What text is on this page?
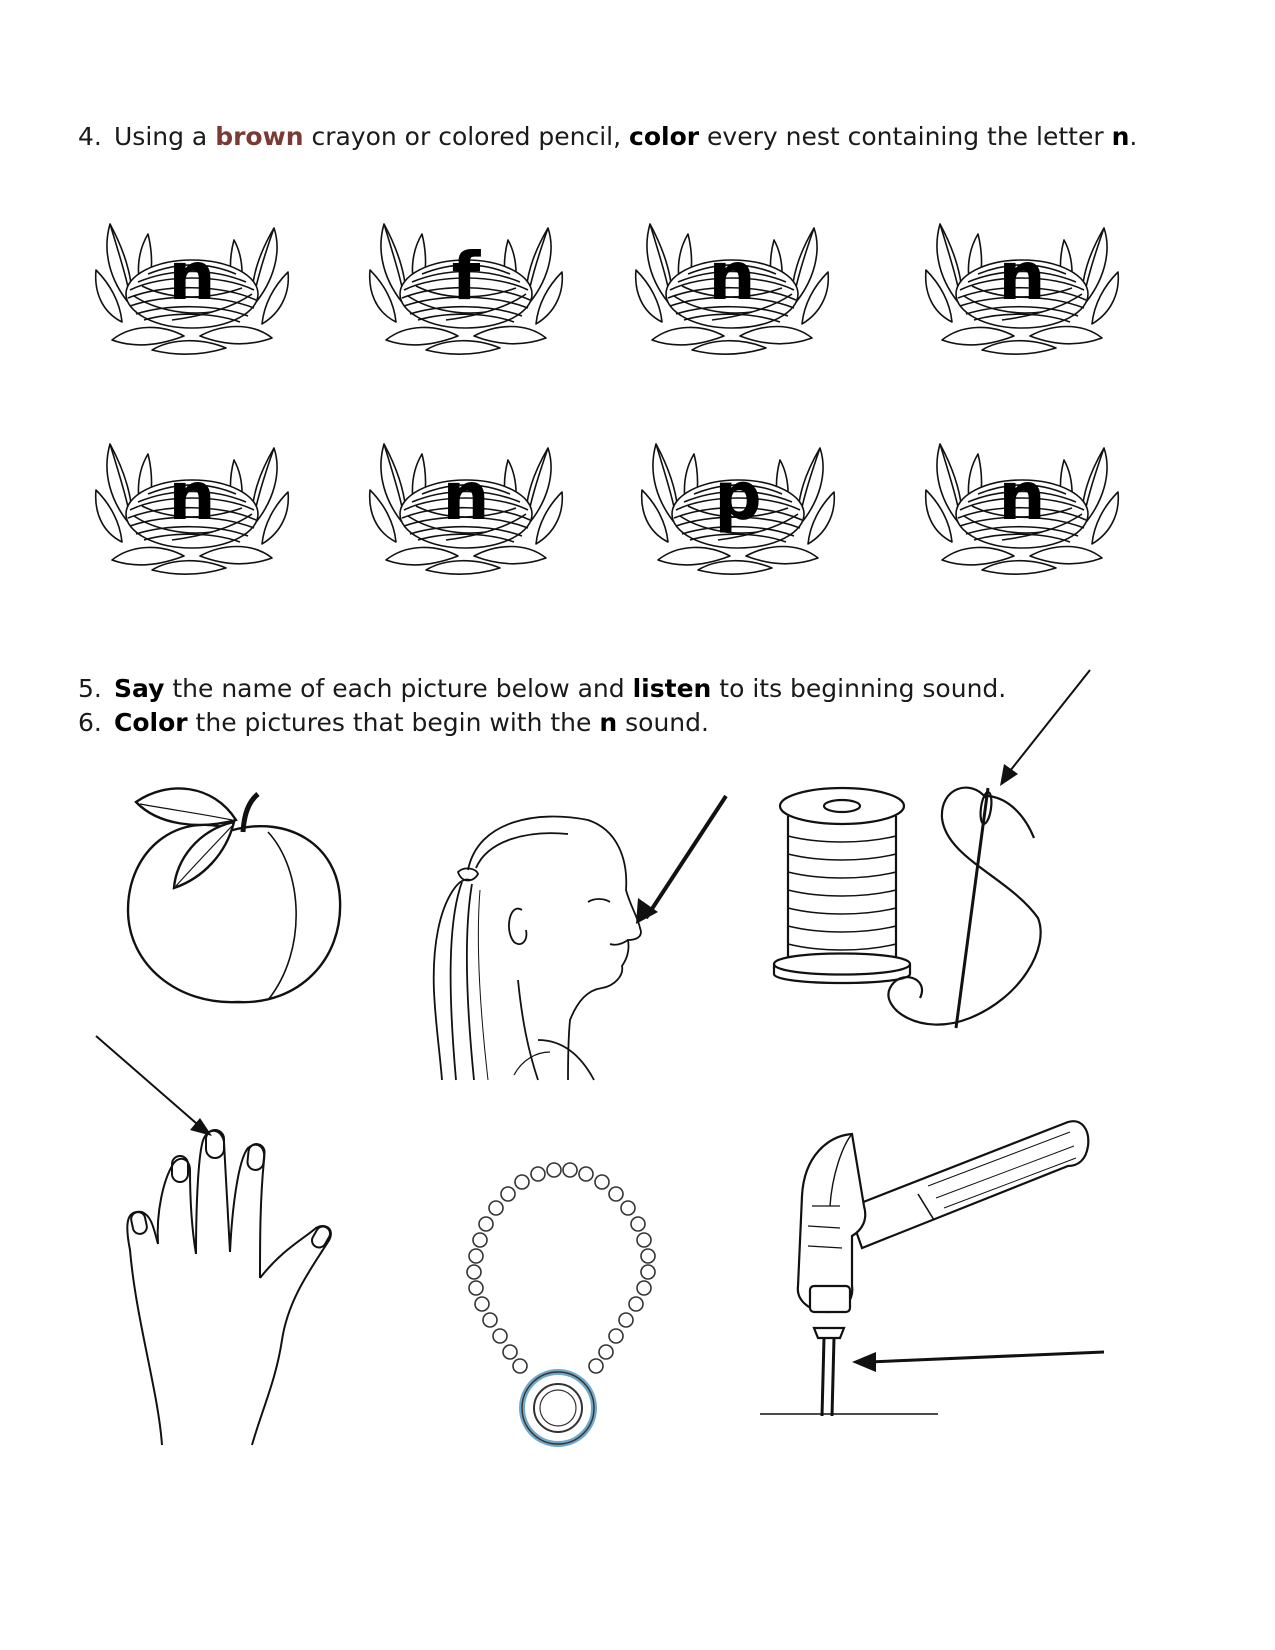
4. Using a brown crayon or colored pencil, color every nest containing the letter n.
n	f	n	n
n	n	p	n
5. Say the name of each picture below and listen to its beginning sound.
6. Color the pictures that begin with the n sound.
